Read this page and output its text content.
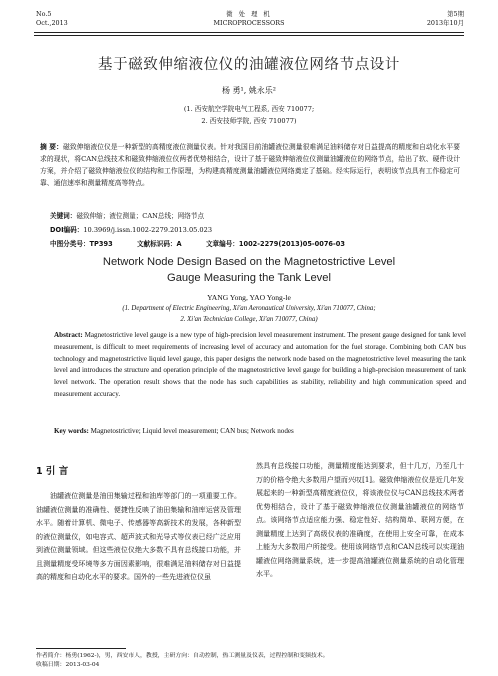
No.5
Oct.,2013
微 处 理 机
MICROPROCESSORS
第5期
2013年10月
基于磁致伸缩液位仪的油罐液位网络节点设计
杨 勇¹, 姚永乐²
(1. 西安航空学院电气工程系, 西安 710077;
2. 西安技师学院, 西安 710077)
摘 要：磁致伸缩液位仪是一种新型的高精度液位测量仪表。针对我国目前油罐液位测量很难满足油料储存对日益提高的精度和自动化水平要求的现状，将CAN总线技术和磁致伸缩液位仪两者优势相结合，设计了基于磁致伸缩液位仪测量油罐液位的网络节点，给出了软、硬件设计方案，并介绍了磁致伸缩液位仪的结构和工作原理，为构建高精度测量油罐液位网络奠定了基础。经实际运行，表明该节点具有工作稳定可靠、通信速率和测量精度高等特点。
关键词：磁致伸缩；液位测量；CAN总线；网络节点
DOI编码：10.3969/j.issn.1002-2279.2013.05.023
中图分类号：TP393	文献标识码：A	文章编号：1002-2279(2013)05-0076-03
Network Node Design Based on the Magnetostrictive Level
Gauge Measuring the Tank Level
YANG Yong, YAO Yong-le
(1. Department of Electric Engineering, Xi'an Aeronautical University, Xi'an 710077, China;
2. Xi'an Technician College, Xi'an 710077, China)
Abstract: Magnetostrictive level gauge is a new type of high-precision level measurement instrument. The present gauge designed for tank level measurement, is difficult to meet requirements of increasing level of accuracy and automation for the fuel storage. Combining both CAN bus technology and magnetostrictive liquid level gauge, this paper designs the network node based on the magnetostrictive level measuring the tank level and introduces the structure and operation principle of the magnetostrictive level gauge for building a high-precision measurement of tank level network. The operation result shows that the node has such capabilities as stability, reliability and high communication speed and measurement accuracy.
Key words: Magnetostrictive; Liquid level measurement; CAN bus; Network nodes
1 引 言

油罐液位测量是油田集输过程和油库等部门的一项重要工作。油罐液位测量的准确性、便捷性反映了油田集输和油库运营及管理水平。随着计算机、微电子、传感器等高新技术的发展，各种新型的液位测量仪，如电容式、超声波式和光导式等仪表已经广泛应用到液位测量领域。但这些液位仪绝大多数不具有总线接口功能，并且测量精度受环境等多方面因素影响，很难满足油料储存对日益提高的精度和自动化水平的要求。国外的一些先进液位仪虽

然具有总线接口功能，测量精度能达到要求，但十几万，乃至几十万的价格令绝大多数用户望而兴叹[1]。磁致伸缩液位仪是近几年发展起来的一种新型高精度液位仪，将该液位仪与CAN总线技术两者优势相结合，设计了基于磁致伸缩液位仪测量油罐液位的网络节点。该网络节点适应能力强、稳定性好、结构简单、联网方便，在测量精度上达到了高级仪表的准确度，在使用上安全可靠，在成本上能为大多数用户所接受。使用该网络节点和CAN总线可以实现油罐液位网络测量系统，进一步提高油罐液位测量系统的自动化管理水平。

作者简介：杨勇(1962-)，男，西安市人，教授，主研方向：自动控制，热工测量及仪表，过程控制和变频技术。
收稿日期：2013-03-04
